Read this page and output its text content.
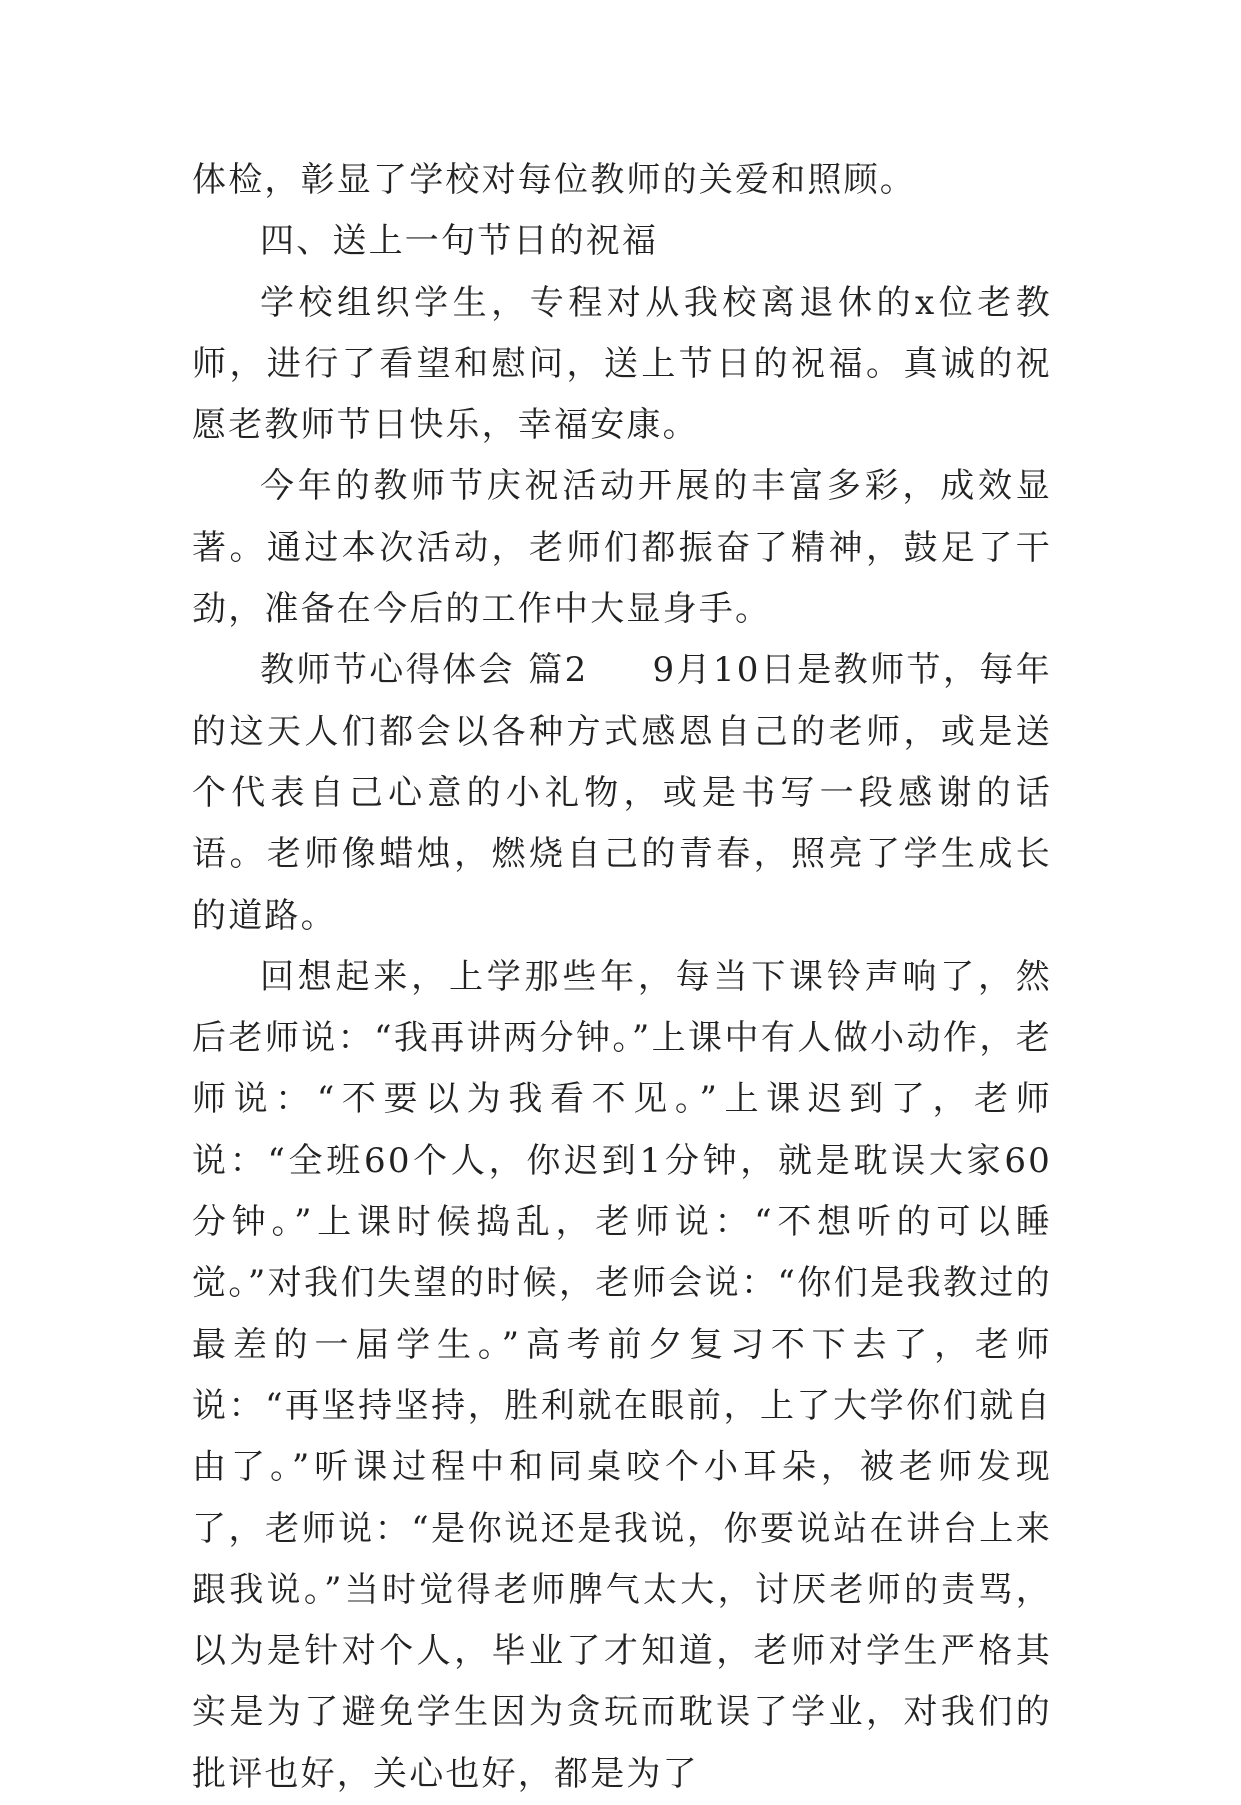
体检，彰显了学校对每位教师的关爱和照顾。

四、送上一句节日的祝福

学校组织学生，专程对从我校离退休的x位老教师，进行了看望和慰问，送上节日的祝福。真诚的祝愿老教师节日快乐，幸福安康。

今年的教师节庆祝活动开展的丰富多彩，成效显著。通过本次活动，老师们都振奋了精神，鼓足了干劲，准备在今后的工作中大显身手。

教师节心得体会 篇2 9月10日是教师节，每年的这天人们都会以各种方式感恩自己的老师，或是送个代表自己心意的小礼物，或是书写一段感谢的话语。老师像蜡烛，燃烧自己的青春，照亮了学生成长的道路。

回想起来，上学那些年，每当下课铃声响了，然后老师说：“我再讲两分钟。”上课中有人做小动作，老师说：“不要以为我看不见。”上课迟到了，老师说：“全班60个人，你迟到1分钟，就是耽误大家60分钟。”上课时候捣乱，老师说：“不想听的可以睡觉。”对我们失望的时候，老师会说：“你们是我教过的最差的一届学生。”高考前夕复习不下去了，老师说：“再坚持坚持，胜利就在眼前，上了大学你们就自由了。”听课过程中和同桌咬个小耳朵，被老师发现了，老师说：“是你说还是我说，你要说站在讲台上来跟我说。”当时觉得老师脾气太大，讨厌老师的责骂，以为是针对个人，毕业了才知道，老师对学生严格其实是为了避免学生因为贪玩而耽误了学业，对我们的批评也好，关心也好，都是为了
